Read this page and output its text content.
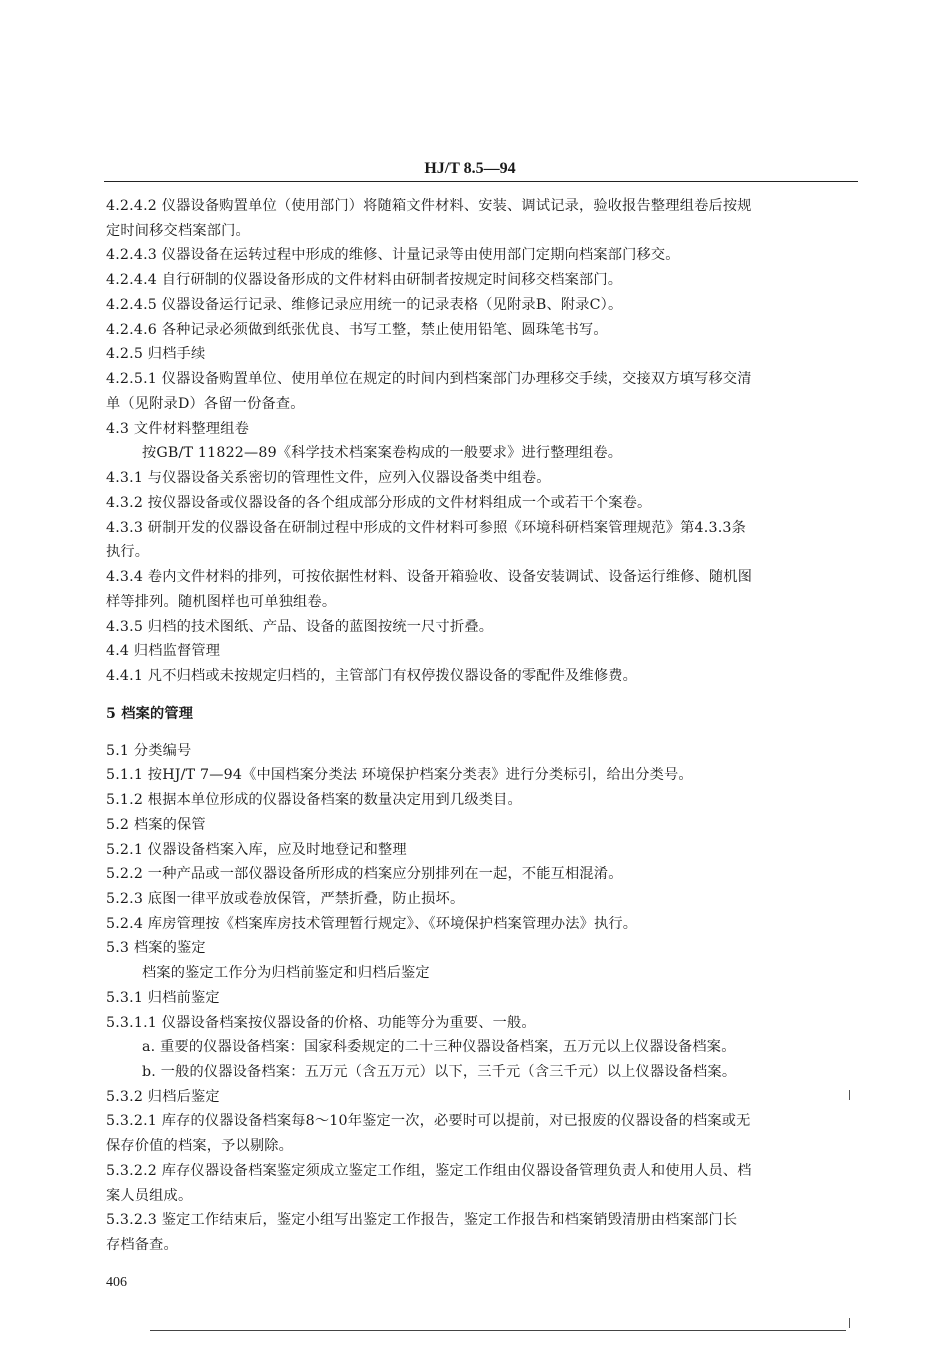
HJ/T 8.5—94
4.2.4.2 仪器设备购置单位（使用部门）将随箱文件材料、安装、调试记录，验收报告整理组卷后按规
定时间移交档案部门。
4.2.4.3 仪器设备在运转过程中形成的维修、计量记录等由使用部门定期向档案部门移交。
4.2.4.4 自行研制的仪器设备形成的文件材料由研制者按规定时间移交档案部门。
4.2.4.5 仪器设备运行记录、维修记录应用统一的记录表格（见附录B、附录C）。
4.2.4.6 各种记录必须做到纸张优良、书写工整，禁止使用铅笔、圆珠笔书写。
4.2.5 归档手续
4.2.5.1 仪器设备购置单位、使用单位在规定的时间内到档案部门办理移交手续，交接双方填写移交清
单（见附录D）各留一份备查。
4.3 文件材料整理组卷
按GB/T 11822—89《科学技术档案案卷构成的一般要求》进行整理组卷。
4.3.1 与仪器设备关系密切的管理性文件，应列入仪器设备类中组卷。
4.3.2 按仪器设备或仪器设备的各个组成部分形成的文件材料组成一个或若干个案卷。
4.3.3 研制开发的仪器设备在研制过程中形成的文件材料可参照《环境科研档案管理规范》第4.3.3条
执行。
4.3.4 卷内文件材料的排列，可按依据性材料、设备开箱验收、设备安装调试、设备运行维修、随机图
样等排列。随机图样也可单独组卷。
4.3.5 归档的技术图纸、产品、设备的蓝图按统一尺寸折叠。
4.4 归档监督管理
4.4.1 凡不归档或未按规定归档的，主管部门有权停拨仪器设备的零配件及维修费。
5 档案的管理
5.1 分类编号
5.1.1 按HJ/T 7—94《中国档案分类法 环境保护档案分类表》进行分类标引，给出分类号。
5.1.2 根据本单位形成的仪器设备档案的数量决定用到几级类目。
5.2 档案的保管
5.2.1 仪器设备档案入库，应及时地登记和整理
5.2.2 一种产品或一部仪器设备所形成的档案应分别排列在一起，不能互相混淆。
5.2.3 底图一律平放或卷放保管，严禁折叠，防止损坏。
5.2.4 库房管理按《档案库房技术管理暂行规定》、《环境保护档案管理办法》执行。
5.3 档案的鉴定
档案的鉴定工作分为归档前鉴定和归档后鉴定
5.3.1 归档前鉴定
5.3.1.1 仪器设备档案按仪器设备的价格、功能等分为重要、一般。
a. 重要的仪器设备档案：国家科委规定的二十三种仪器设备档案，五万元以上仪器设备档案。
b. 一般的仪器设备档案：五万元（含五万元）以下，三千元（含三千元）以上仪器设备档案。
5.3.2 归档后鉴定
5.3.2.1 库存的仪器设备档案每8～10年鉴定一次，必要时可以提前，对已报废的仪器设备的档案或无
保存价值的档案，予以剔除。
5.3.2.2 库存仪器设备档案鉴定须成立鉴定工作组，鉴定工作组由仪器设备管理负责人和使用人员、档
案人员组成。
5.3.2.3 鉴定工作结束后，鉴定小组写出鉴定工作报告，鉴定工作报告和档案销毁清册由档案部门长
存档备查。
406
